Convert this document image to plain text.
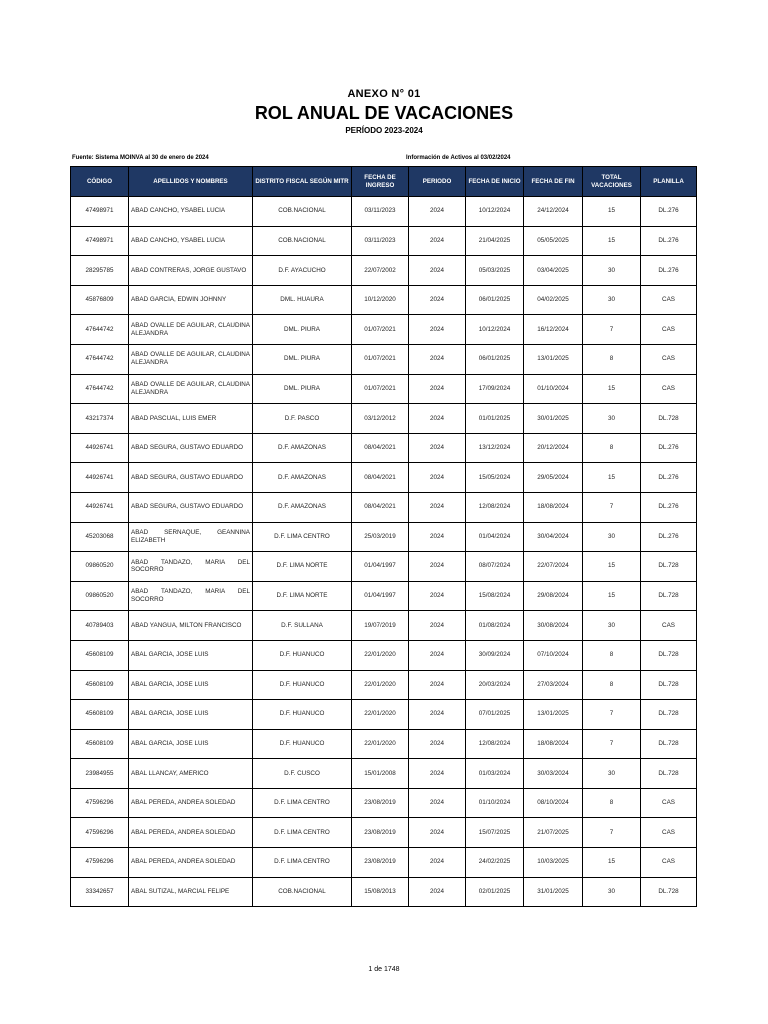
ANEXO N° 01
ROL ANUAL DE VACACIONES
PERÍODO 2023-2024
Fuente: Sistema MOINVA al 30 de enero de 2024	Información de Activos al 03/02/2024
CÓDIGO	APELLIDOS Y NOMBRES	DISTRITO FISCAL SEGÚN MITR	FECHA DE INGRESO	PERIODO	FECHA DE INICIO	FECHA DE FIN	TOTAL VACACIONES	PLANILLA
47498971	ABAD CANCHO, YSABEL LUCIA	COB.NACIONAL	03/11/2023	2024	10/12/2024	24/12/2024	15	DL.276
47498971	ABAD CANCHO, YSABEL LUCIA	COB.NACIONAL	03/11/2023	2024	21/04/2025	05/05/2025	15	DL.276
28295785	ABAD CONTRERAS, JORGE GUSTAVO	D.F. AYACUCHO	22/07/2002	2024	05/03/2025	03/04/2025	30	DL.276
45876809	ABAD GARCIA, EDWIN JOHNNY	DML. HUAURA	10/12/2020	2024	06/01/2025	04/02/2025	30	CAS
47644742	ABAD OVALLE DE AGUILAR, CLAUDINA ALEJANDRA	DML. PIURA	01/07/2021	2024	10/12/2024	16/12/2024	7	CAS
47644742	ABAD OVALLE DE AGUILAR, CLAUDINA ALEJANDRA	DML. PIURA	01/07/2021	2024	06/01/2025	13/01/2025	8	CAS
47644742	ABAD OVALLE DE AGUILAR, CLAUDINA ALEJANDRA	DML. PIURA	01/07/2021	2024	17/09/2024	01/10/2024	15	CAS
43217374	ABAD PASCUAL, LUIS EMER	D.F. PASCO	03/12/2012	2024	01/01/2025	30/01/2025	30	DL.728
44926741	ABAD SEGURA, GUSTAVO EDUARDO	D.F. AMAZONAS	08/04/2021	2024	13/12/2024	20/12/2024	8	DL.276
44926741	ABAD SEGURA, GUSTAVO EDUARDO	D.F. AMAZONAS	08/04/2021	2024	15/05/2024	29/05/2024	15	DL.276
44926741	ABAD SEGURA, GUSTAVO EDUARDO	D.F. AMAZONAS	08/04/2021	2024	12/08/2024	18/08/2024	7	DL.276
45203068	ABAD SERNAQUE, GEANNINA ELIZABETH	D.F. LIMA CENTRO	25/03/2019	2024	01/04/2024	30/04/2024	30	DL.276
09860520	ABAD TANDAZO, MARIA DEL SOCORRO	D.F. LIMA NORTE	01/04/1997	2024	08/07/2024	22/07/2024	15	DL.728
09860520	ABAD TANDAZO, MARIA DEL SOCORRO	D.F. LIMA NORTE	01/04/1997	2024	15/08/2024	29/08/2024	15	DL.728
40789403	ABAD YANGUA, MILTON FRANCISCO	D.F. SULLANA	19/07/2019	2024	01/08/2024	30/08/2024	30	CAS
45608109	ABAL GARCIA, JOSE LUIS	D.F. HUANUCO	22/01/2020	2024	30/09/2024	07/10/2024	8	DL.728
45608109	ABAL GARCIA, JOSE LUIS	D.F. HUANUCO	22/01/2020	2024	20/03/2024	27/03/2024	8	DL.728
45608109	ABAL GARCIA, JOSE LUIS	D.F. HUANUCO	22/01/2020	2024	07/01/2025	13/01/2025	7	DL.728
45608109	ABAL GARCIA, JOSE LUIS	D.F. HUANUCO	22/01/2020	2024	12/08/2024	18/08/2024	7	DL.728
23984955	ABAL LLANCAY, AMERICO	D.F. CUSCO	15/01/2008	2024	01/03/2024	30/03/2024	30	DL.728
47596296	ABAL PEREDA, ANDREA SOLEDAD	D.F. LIMA CENTRO	23/08/2019	2024	01/10/2024	08/10/2024	8	CAS
47596296	ABAL PEREDA, ANDREA SOLEDAD	D.F. LIMA CENTRO	23/08/2019	2024	15/07/2025	21/07/2025	7	CAS
47596296	ABAL PEREDA, ANDREA SOLEDAD	D.F. LIMA CENTRO	23/08/2019	2024	24/02/2025	10/03/2025	15	CAS
33342657	ABAL SUTIZAL, MARCIAL FELIPE	COB.NACIONAL	15/08/2013	2024	02/01/2025	31/01/2025	30	DL.728
1 de 1748
